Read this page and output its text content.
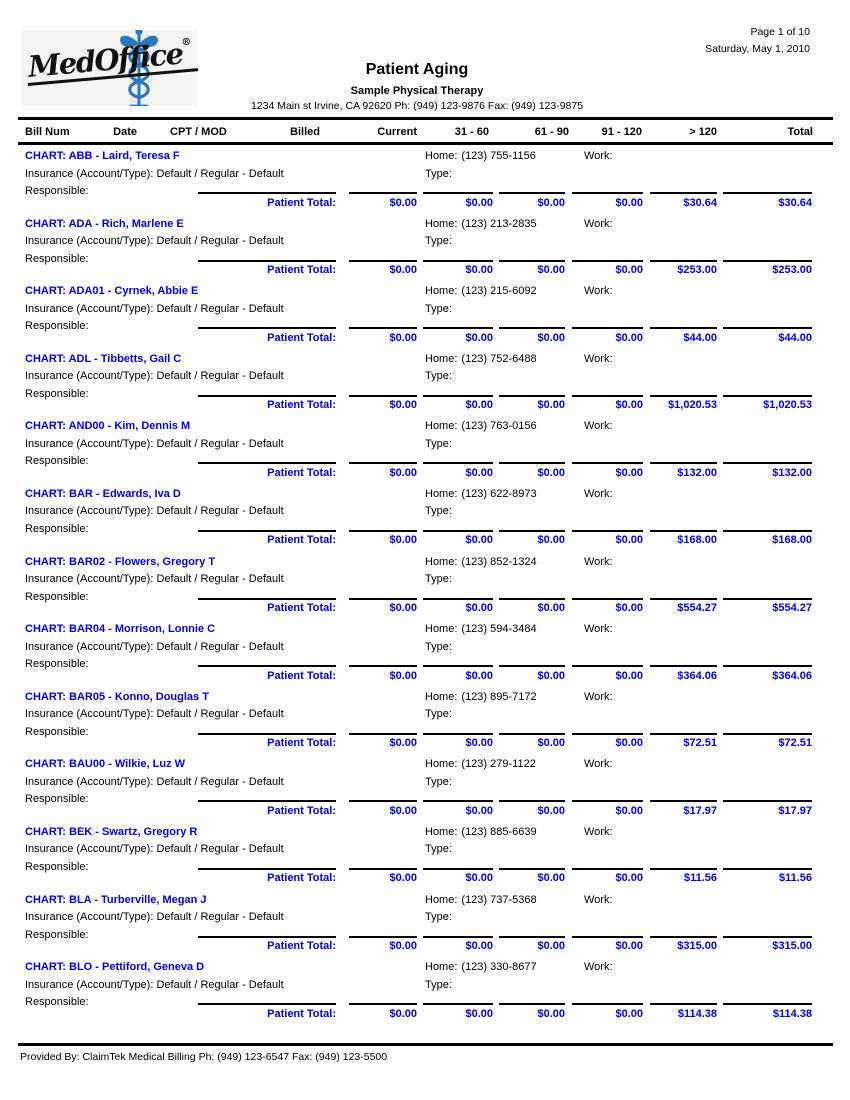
Page 1 of 10
Saturday, May 1, 2010
MedOffice®
Patient Aging
Sample Physical Therapy
1234 Main st Irvine, CA 92620 Ph: (949) 123-9876 Fax: (949) 123-9875
Bill Num	Date	CPT / MOD	Billed	Current	31 - 60	61 - 90	91 - 120	> 120	Total
CHART: ABB - Laird, Teresa F	Home: (123) 755-1156	Work:
Insurance (Account/Type): Default / Regular - Default	Type:
Responsible:
Patient Total:	$0.00	$0.00	$0.00	$0.00	$30.64	$30.64
CHART: ADA - Rich, Marlene E	Home: (123) 213-2835	Work:
Insurance (Account/Type): Default / Regular - Default	Type:
Responsible:
Patient Total:	$0.00	$0.00	$0.00	$0.00	$253.00	$253.00
CHART: ADA01 - Cyrnek, Abbie E	Home: (123) 215-6092	Work:
Insurance (Account/Type): Default / Regular - Default	Type:
Responsible:
Patient Total:	$0.00	$0.00	$0.00	$0.00	$44.00	$44.00
CHART: ADL - Tibbetts, Gail C	Home: (123) 752-6488	Work:
Insurance (Account/Type): Default / Regular - Default	Type:
Responsible:
Patient Total:	$0.00	$0.00	$0.00	$0.00	$1,020.53	$1,020.53
CHART: AND00 - Kim, Dennis M	Home: (123) 763-0156	Work:
Insurance (Account/Type): Default / Regular - Default	Type:
Responsible:
Patient Total:	$0.00	$0.00	$0.00	$0.00	$132.00	$132.00
CHART: BAR - Edwards, Iva D	Home: (123) 622-8973	Work:
Insurance (Account/Type): Default / Regular - Default	Type:
Responsible:
Patient Total:	$0.00	$0.00	$0.00	$0.00	$168.00	$168.00
CHART: BAR02 - Flowers, Gregory T	Home: (123) 852-1324	Work:
Insurance (Account/Type): Default / Regular - Default	Type:
Responsible:
Patient Total:	$0.00	$0.00	$0.00	$0.00	$554.27	$554.27
CHART: BAR04 - Morrison, Lonnie C	Home: (123) 594-3484	Work:
Insurance (Account/Type): Default / Regular - Default	Type:
Responsible:
Patient Total:	$0.00	$0.00	$0.00	$0.00	$364.06	$364.06
CHART: BAR05 - Konno, Douglas T	Home: (123) 895-7172	Work:
Insurance (Account/Type): Default / Regular - Default	Type:
Responsible:
Patient Total:	$0.00	$0.00	$0.00	$0.00	$72.51	$72.51
CHART: BAU00 - Wilkie, Luz W	Home: (123) 279-1122	Work:
Insurance (Account/Type): Default / Regular - Default	Type:
Responsible:
Patient Total:	$0.00	$0.00	$0.00	$0.00	$17.97	$17.97
CHART: BEK - Swartz, Gregory R	Home: (123) 885-6639	Work:
Insurance (Account/Type): Default / Regular - Default	Type:
Responsible:
Patient Total:	$0.00	$0.00	$0.00	$0.00	$11.56	$11.56
CHART: BLA - Turberville, Megan J	Home: (123) 737-5368	Work:
Insurance (Account/Type): Default / Regular - Default	Type:
Responsible:
Patient Total:	$0.00	$0.00	$0.00	$0.00	$315.00	$315.00
CHART: BLO - Pettiford, Geneva D	Home: (123) 330-8677	Work:
Insurance (Account/Type): Default / Regular - Default	Type:
Responsible:
Patient Total:	$0.00	$0.00	$0.00	$0.00	$114.38	$114.38
Provided By: ClaimTek Medical Billing Ph: (949) 123-6547 Fax: (949) 123-5500
